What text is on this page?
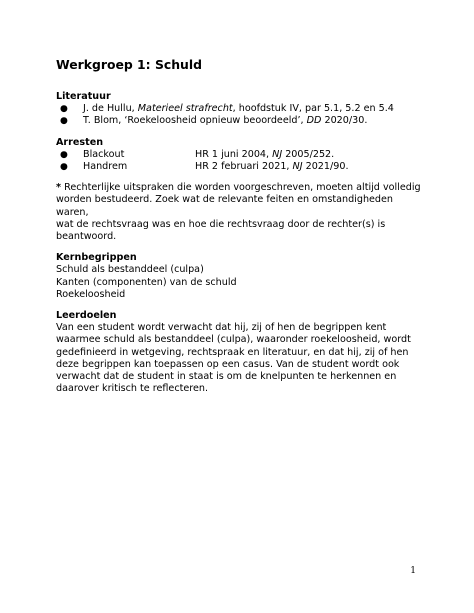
Werkgroep 1: Schuld
Literatuur
●	J. de Hullu, Materieel strafrecht, hoofdstuk IV, par 5.1, 5.2 en 5.4
●	T. Blom, ‘Roekeloosheid opnieuw beoordeeld’, DD 2020/30.
Arresten
●	Blackout	HR 1 juni 2004, NJ 2005/252.
●	Handrem	HR 2 februari 2021, NJ 2021/90.
* Rechterlijke uitspraken die worden voorgeschreven, moeten altijd volledig
worden bestudeerd. Zoek wat de relevante feiten en omstandigheden waren,
wat de rechtsvraag was en hoe die rechtsvraag door de rechter(s) is
beantwoord.
Kernbegrippen
Schuld als bestanddeel (culpa)
Kanten (componenten) van de schuld
Roekeloosheid
Leerdoelen
Van een student wordt verwacht dat hij, zij of hen de begrippen kent
waarmee schuld als bestanddeel (culpa), waaronder roekeloosheid, wordt
gedefinieerd in wetgeving, rechtspraak en literatuur, en dat hij, zij of hen
deze begrippen kan toepassen op een casus. Van de student wordt ook
verwacht dat de student in staat is om de knelpunten te herkennen en
daarover kritisch te reflecteren.
1
